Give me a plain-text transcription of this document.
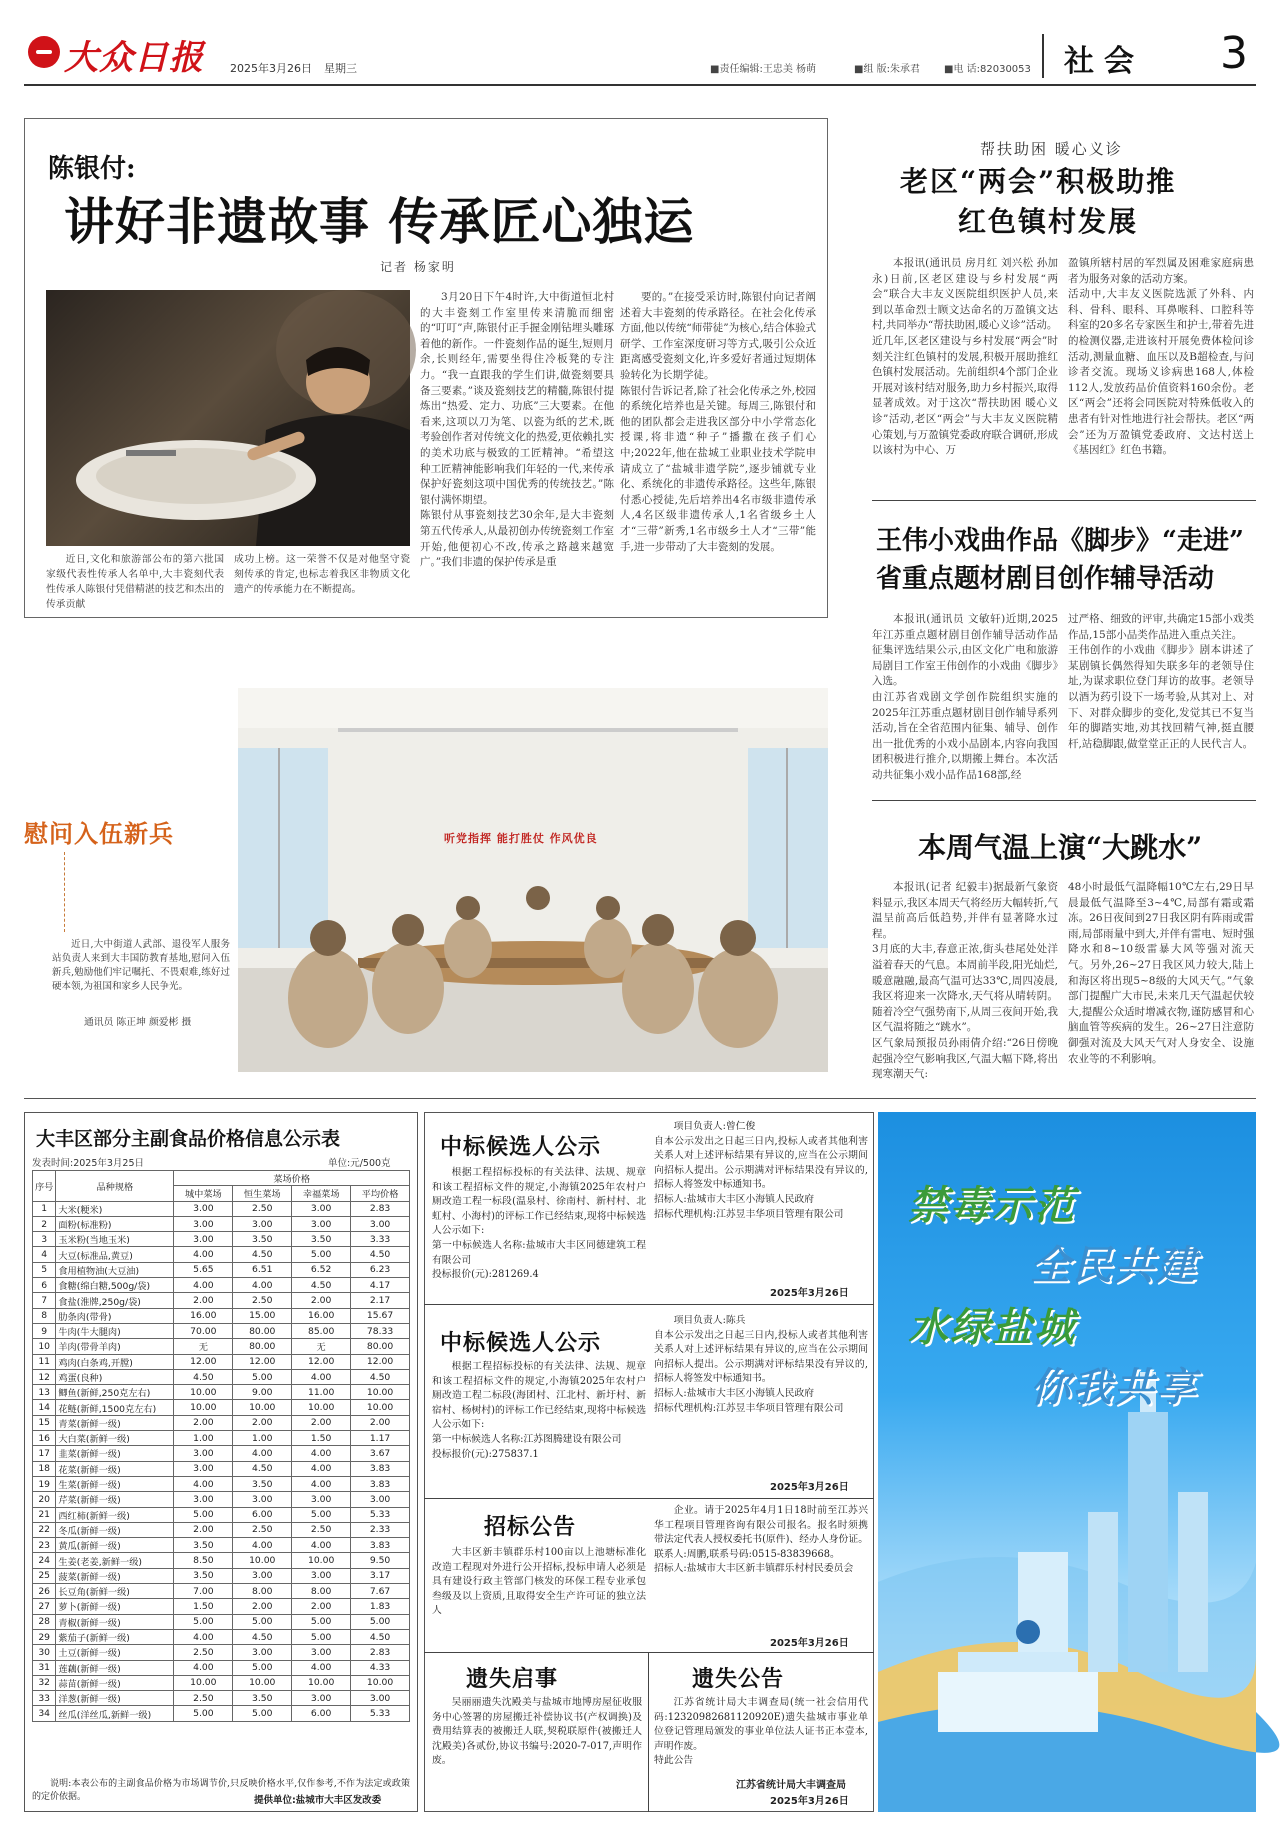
大众日报 2025年3月26日 星期三	■责任编辑:王忠美 杨萌	■组 版:朱承君 ■电 话:82030053 社会 3
陈银付:
讲好非遗故事 传承匠心独运
记者 杨家明
近日,文化和旅游部公布的第六批国家级代表性传承人名单中,大丰瓷刻代表性传承人陈银付凭借精湛的技艺和杰出的传承贡献
成功上榜。这一荣誉不仅是对他坚守瓷刻传承的肯定,也标志着我区非物质文化遗产的传承能力在不断提高。
3月20日下午4时许,大中街道恒北村的大丰瓷刻工作室里传来清脆而细密的“叮叮”声,陈银付正手握金刚钻埋头雕琢着他的新作。一件瓷刻作品的诞生,短则月余,长则经年,需要坐得住冷板凳的专注力。“我一直跟我的学生们讲,做瓷刻要具备三要素。”谈及瓷刻技艺的精髓,陈银付提炼出“热爱、定力、功底”三大要素。在他看来,这项以刀为笔、以瓷为纸的艺术,既考验创作者对传统文化的热爱,更依赖扎实的美术功底与极致的工匠精神。“希望这种工匠精神能影响我们年轻的一代,来传承保护好瓷刻这项中国优秀的传统技艺。”陈银付满怀期望。
陈银付从事瓷刻技艺30余年,是大丰瓷刻第五代传承人,从最初创办传统瓷刻工作室开始,他便初心不改,传承之路越来越宽广。”我们非遗的保护传承是重
要的。”在接受采访时,陈银付向记者阐述着大丰瓷刻的传承路径。在社会化传承方面,他以传统“师带徒”为核心,结合体验式研学、工作室深度研习等方式,吸引公众近距离感受瓷刻文化,许多爱好者通过短期体验转化为长期学徒。
陈银付告诉记者,除了社会化传承之外,校园的系统化培养也是关键。每周三,陈银付和他的团队都会走进我区部分中小学常态化授课,将非遗“种子”播撒在孩子们心中;2022年,他在盐城工业职业技术学院申请成立了“盐城非遗学院”,逐步铺就专业化、系统化的非遗传承路径。这些年,陈银付悉心授徒,先后培养出4名市级非遗传承人,4名区级非遗传承人,1名省级乡土人才“三带”新秀,1名市级乡土人才“三带”能手,进一步带动了大丰瓷刻的发展。
慰问入伍新兵
近日,大中街道人武部、退役军人服务站负责人来到大丰国防教育基地,慰问入伍新兵,勉励他们牢记嘱托、不畏艰难,练好过硬本领,为祖国和家乡人民争光。
通讯员 陈正坤 颜爱彬 摄
听党指挥 能打胜仗 作风优良
帮扶助困 暖心义诊
老区“两会”积极助推
红色镇村发展
本报讯(通讯员 房月红 刘兴松 孙加永)日前,区老区建设与乡村发展“两会”联合大丰友义医院组织医护人员,来到以革命烈士顾文达命名的万盈镇文达村,共同举办“帮扶助困,暖心义诊”活动。
近几年,区老区建设与乡村发展“两会”时刻关注红色镇村的发展,积极开展助推红色镇村发展活动。先前组织4个部门企业开展对该村结对服务,助力乡村振兴,取得显著成效。对于这次“帮扶助困 暖心义诊”活动,老区“两会”与大丰友义医院精心策划,与万盈镇党委政府联合调研,形成以该村为中心、万
盈镇所辖村居的军烈属及困难家庭病患者为服务对象的活动方案。
活动中,大丰友义医院选派了外科、内科、骨科、眼科、耳鼻喉科、口腔科等科室的20多名专家医生和护士,带着先进的检测仪器,走进该村开展免费体检问诊活动,测量血糖、血压以及B超检查,与问诊者交流。现场义诊病患168人,体检112人,发放药品价值资料160余份。老区“两会”还将会同医院对特殊低收入的患者有针对性地进行社会帮扶。老区“两会”还为万盈镇党委政府、文达村送上《基因红》红色书籍。
王伟小戏曲作品《脚步》“走进”
省重点题材剧目创作辅导活动
本报讯(通讯员 文敏轩)近期,2025年江苏重点题材剧目创作辅导活动作品征集评选结果公示,由区文化广电和旅游局剧目工作室王伟创作的小戏曲《脚步》入选。
由江苏省戏剧文学创作院组织实施的2025年江苏重点题材剧目创作辅导系列活动,旨在全省范围内征集、辅导、创作出一批优秀的小戏小品剧本,内容向我国团积极进行推介,以期搬上舞台。本次活动共征集小戏小品作品168部,经
过严格、细致的评审,共确定15部小戏类作品,15部小品类作品进入重点关注。
王伟创作的小戏曲《脚步》剧本讲述了某剧镇长偶然得知失联多年的老领导住址,为谋求职位登门拜访的故事。老领导以酒为药引设下一场考验,从其对上、对下、对群众脚步的变化,发觉其已不复当年的脚踏实地,劝其找回精气神,挺直腰杆,站稳脚跟,做堂堂正正的人民代言人。
本周气温上演“大跳水”
本报讯(记者 纪毅丰)据最新气象资料显示,我区本周天气将经历大幅转折,气温呈前高后低趋势,并伴有显著降水过程。
3月底的大丰,春意正浓,街头巷尾处处洋溢着春天的气息。本周前半段,阳光灿烂,暖意融融,最高气温可达33℃,周四凌晨,我区将迎来一次降水,天气将从晴转阴。随着冷空气强势南下,从周三夜间开始,我区气温将随之“跳水”。
区气象局预报员孙雨倩介绍:“26日傍晚起强冷空气影响我区,气温大幅下降,将出现寒潮天气:
48小时最低气温降幅10℃左右,29日早晨最低气温降至3~4℃,局部有霜或霜冻。26日夜间到27日我区阴有阵雨或雷雨,局部雨量中到大,并伴有雷电、短时强降水和8~10级雷暴大风等强对流天气。另外,26~27日我区风力较大,陆上和海区将出现5~8级的大风天气。”气象部门提醒广大市民,未来几天气温起伏较大,提醒公众适时增减衣物,谨防感冒和心脑血管等疾病的发生。26~27日注意防御强对流及大风天气对人身安全、设施农业等的不利影响。
大丰区部分主副食品价格信息公示表
发表时间:2025年3月25日	单位:元/500克
序号	品种规格	菜场价格			
		城中菜场	恒生菜场	幸福菜场	平均价格
1	大米(粳米)	3.00	2.50	3.00	2.83
2	面粉(标准粉)	3.00	3.00	3.00	3.00
3	玉米粉(当地玉米)	3.00	3.50	3.50	3.33
4	大豆(标准品,黄豆)	4.00	4.50	5.00	4.50
5	食用植物油(大豆油)	5.65	6.51	6.52	6.23
6	食糖(绵白糖,500g/袋)	4.00	4.00	4.50	4.17
7	食盐(淮牌,250g/袋)	2.00	2.50	2.00	2.17
8	肋条肉(带骨)	16.00	15.00	16.00	15.67
9	牛肉(牛大腿肉)	70.00	80.00	85.00	78.33
10	羊肉(带骨羊肉)	无	80.00	无	80.00
11	鸡肉(白条鸡,开膛)	12.00	12.00	12.00	12.00
12	鸡蛋(良种)	4.50	5.00	4.00	4.50
13	鲫鱼(新鲜,250克左右)	10.00	9.00	11.00	10.00
14	花鲢(新鲜,1500克左右)	10.00	10.00	10.00	10.00
15	青菜(新鲜一级)	2.00	2.00	2.00	2.00
16	大白菜(新鲜一级)	1.00	1.00	1.50	1.17
17	韭菜(新鲜一级)	3.00	4.00	4.00	3.67
18	花菜(新鲜一级)	3.00	4.50	4.00	3.83
19	生菜(新鲜一级)	4.00	3.50	4.00	3.83
20	芹菜(新鲜一级)	3.00	3.00	3.00	3.00
21	西红柿(新鲜一级)	5.00	6.00	5.00	5.33
22	冬瓜(新鲜一级)	2.00	2.50	2.50	2.33
23	黄瓜(新鲜一级)	3.50	4.00	4.00	3.83
24	生姜(老姜,新鲜一级)	8.50	10.00	10.00	9.50
25	菠菜(新鲜一级)	3.50	3.00	3.00	3.17
26	长豆角(新鲜一级)	7.00	8.00	8.00	7.67
27	萝卜(新鲜一级)	1.50	2.00	2.00	1.83
28	青椒(新鲜一级)	5.00	5.00	5.00	5.00
29	紫茄子(新鲜一级)	4.00	4.50	5.00	4.50
30	土豆(新鲜一级)	2.50	3.00	3.00	2.83
31	莲藕(新鲜一级)	4.00	5.00	4.00	4.33
32	蒜苗(新鲜一级)	10.00	10.00	10.00	10.00
33	洋葱(新鲜一级)	2.50	3.50	3.00	3.00
34	丝瓜(洋丝瓜,新鲜一级)	5.00	5.00	6.00	5.33
说明:本表公布的主副食品价格为市场调节价,只反映价格水平,仅作参考,不作为法定或政策的定价依据。	提供单位:盐城市大丰区发改委
中标候选人公示
根据工程招标投标的有关法律、法规、规章和该工程招标文件的规定,小海镇2025年农村户厕改造工程一标段(温泉村、徐南村、新村村、北虹村、小海村)的评标工作已经结束,现将中标候选人公示如下:
第一中标候选人名称:盐城市大丰区同德建筑工程有限公司
投标报价(元):281269.4
项目负责人:曾仁俊
自本公示发出之日起三日内,投标人或者其他利害关系人对上述评标结果有异议的,应当在公示期间向招标人提出。公示期满对评标结果没有异议的,招标人将签发中标通知书。
招标人:盐城市大丰区小海镇人民政府
招标代理机构:江苏昱丰华项目管理有限公司
2025年3月26日
中标候选人公示
根据工程招标投标的有关法律、法规、规章和该工程招标文件的规定,小海镇2025年农村户厕改造工程二标段(海团村、江北村、新圩村、新宿村、杨树村)的评标工作已经结束,现将中标候选人公示如下:
第一中标候选人名称:江苏图腾建设有限公司
投标报价(元):275837.1
项目负责人:陈兵
自本公示发出之日起三日内,投标人或者其他利害关系人对上述评标结果有异议的,应当在公示期间向招标人提出。公示期满对评标结果没有异议的,招标人将签发中标通知书。
招标人:盐城市大丰区小海镇人民政府
招标代理机构:江苏昱丰华项目管理有限公司
2025年3月26日
招标公告
大丰区新丰镇群乐村100亩以上池塘标准化改造工程现对外进行公开招标,投标申请人必须是具有建设行政主管部门核发的环保工程专业承包叁级及以上资质,且取得安全生产许可证的独立法人
企业。请于2025年4月1日18时前至江苏兴华工程项目管理咨询有限公司报名。报名时须携带法定代表人授权委托书(原件)、经办人身份证。联系人:周鹏,联系号码:0515-83839668。
招标人:盐城市大丰区新丰镇群乐村村民委员会
2025年3月26日
遗失启事
吴丽丽遗失沈殿美与盐城市地博房屋征收服务中心签署的房屋搬迁补偿协议书(产权调换)及费用结算表的被搬迁人联,契税联原件(被搬迁人沈殿美)各贰份,协议书编号:2020-7-017,声明作废。
遗失公告
江苏省统计局大丰调查局(统一社会信用代码:12320982681120920E)遗失盐城市事业单位登记管理局颁发的事业单位法人证书正本壹本,声明作废。
特此公告
江苏省统计局大丰调查局
2025年3月26日
禁毒示范
全民共建
水绿盐城
你我共享
